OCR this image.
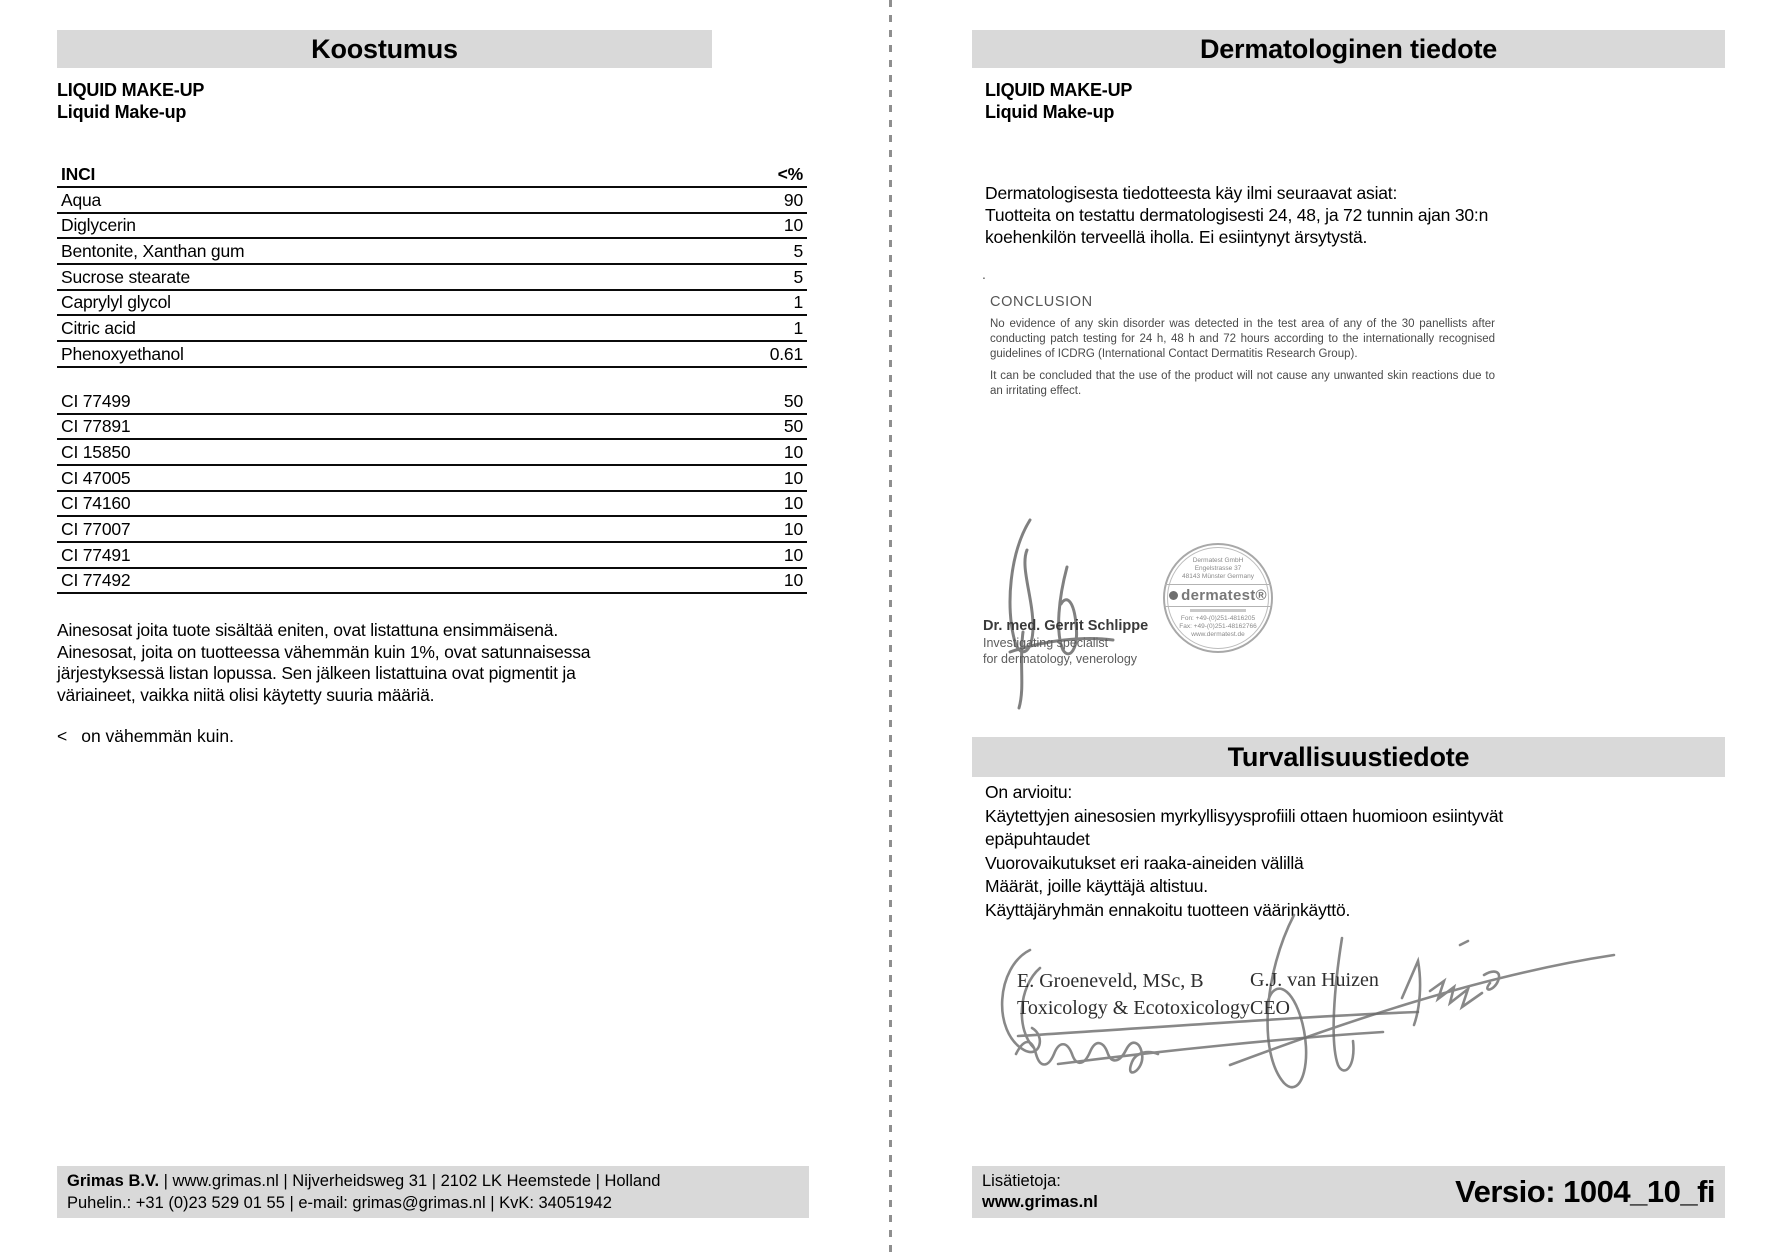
Koostumus
LIQUID MAKE-UP
Liquid Make-up
INCI	<%
Aqua	90
Diglycerin	10
Bentonite, Xanthan gum	5
Sucrose stearate	5
Caprylyl glycol	1
Citric acid	1
Phenoxyethanol	0.61
CI 77499	50
CI 77891	50
CI 15850	10
CI 47005	10
CI 74160	10
CI 77007	10
CI 77491	10
CI 77492	10
Ainesosat joita tuote sisältää eniten, ovat listattuna ensimmäisenä.
Ainesosat, joita on tuotteessa vähemmän kuin 1%, ovat satunnaisessa
järjestyksessä listan lopussa. Sen jälkeen listattuina ovat pigmentit ja
väriaineet, vaikka niitä olisi käytetty suuria määriä.
< on vähemmän kuin.
Grimas B.V. | www.grimas.nl | Nijverheidsweg 31 | 2102 LK Heemstede | Holland
Puhelin.: +31 (0)23 529 01 55 | e-mail: grimas@grimas.nl | KvK: 34051942
Dermatologinen tiedote
LIQUID MAKE-UP
Liquid Make-up
Dermatologisesta tiedotteesta käy ilmi seuraavat asiat:
Tuotteita on testattu dermatologisesti 24, 48, ja 72 tunnin ajan 30:n
koehenkilön terveellä iholla. Ei esiintynyt ärsytystä.
.
CONCLUSION
No evidence of any skin disorder was detected in the test area of any of the 30 panellists after conducting patch testing for 24 h, 48 h and 72 hours according to the internationally recognised guidelines of ICDRG (International Contact Dermatitis Research Group).
It can be concluded that the use of the product will not cause any unwanted skin reactions due to an irritating effect.
Dr. med. Gerrit Schlippe
Investigating specialist
for dermatology, venerology
Dermatest GmbH
Engelstrasse 37
48143 Münster Germany
dermatest®
Fon: +49-(0)251-4816205
Fax: +49-(0)251-48162766
www.dermatest.de
Turvallisuustiedote
On arvioitu:
Käytettyjen ainesosien myrkyllisyysprofiili ottaen huomioon esiintyvät
epäpuhtaudet
Vuorovaikutukset eri raaka-aineiden välillä
Määrät, joille käyttäjä altistuu.
Käyttäjäryhmän ennakoitu tuotteen väärinkäyttö.
E. Groeneveld, MSc, B
Toxicology & Ecotoxicology
G.J. van Huizen
CEO
Lisätietoja:
www.grimas.nl	Versio: 1004_10_fi
